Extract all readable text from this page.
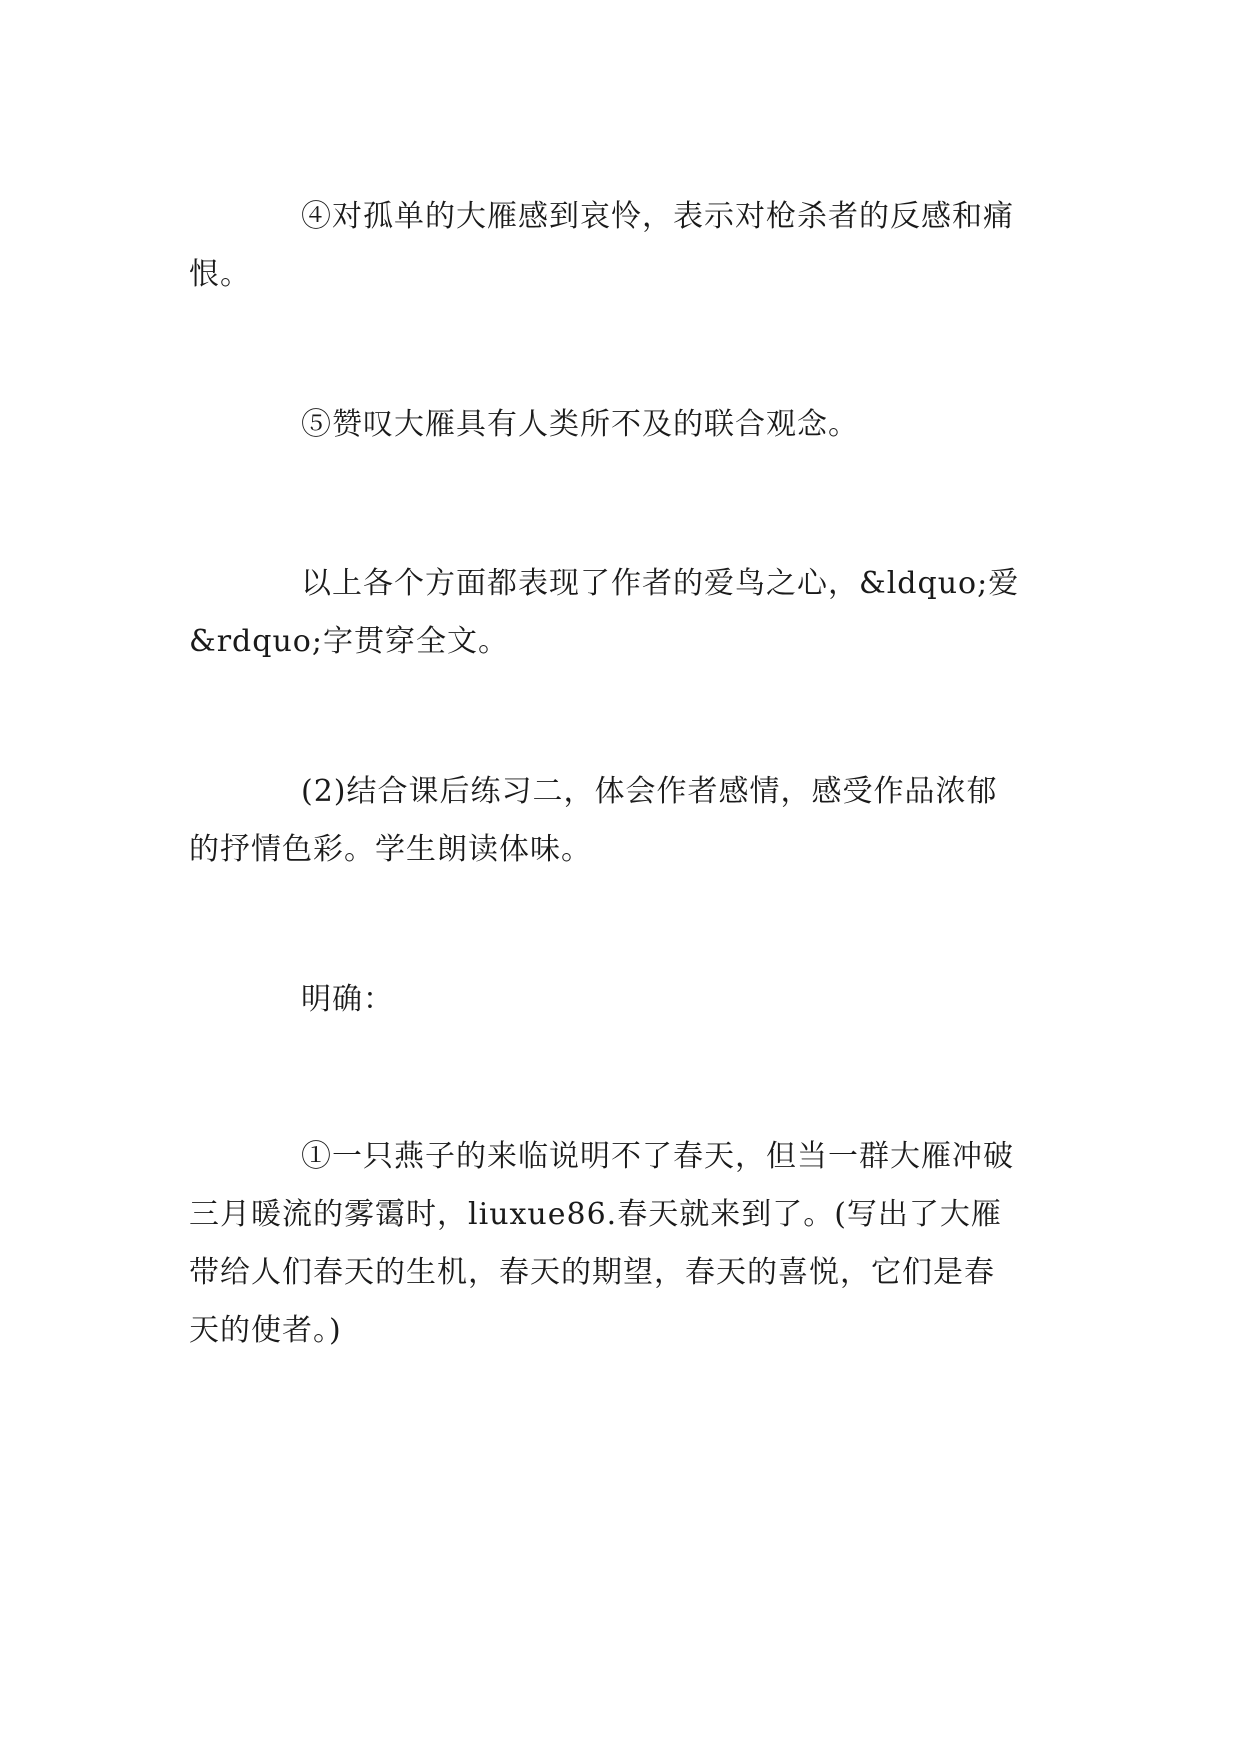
④对孤单的大雁感到哀怜，表示对枪杀者的反感和痛
恨。

⑤赞叹大雁具有人类所不及的联合观念。

以上各个方面都表现了作者的爱鸟之心，&ldquo;爱
&rdquo;字贯穿全文。

(2)结合课后练习二，体会作者感情，感受作品浓郁
的抒情色彩。学生朗读体味。

明确：

①一只燕子的来临说明不了春天，但当一群大雁冲破
三月暖流的雾霭时，liuxue86.春天就来到了。(写出了大雁
带给人们春天的生机，春天的期望，春天的喜悦，它们是春
天的使者。)
